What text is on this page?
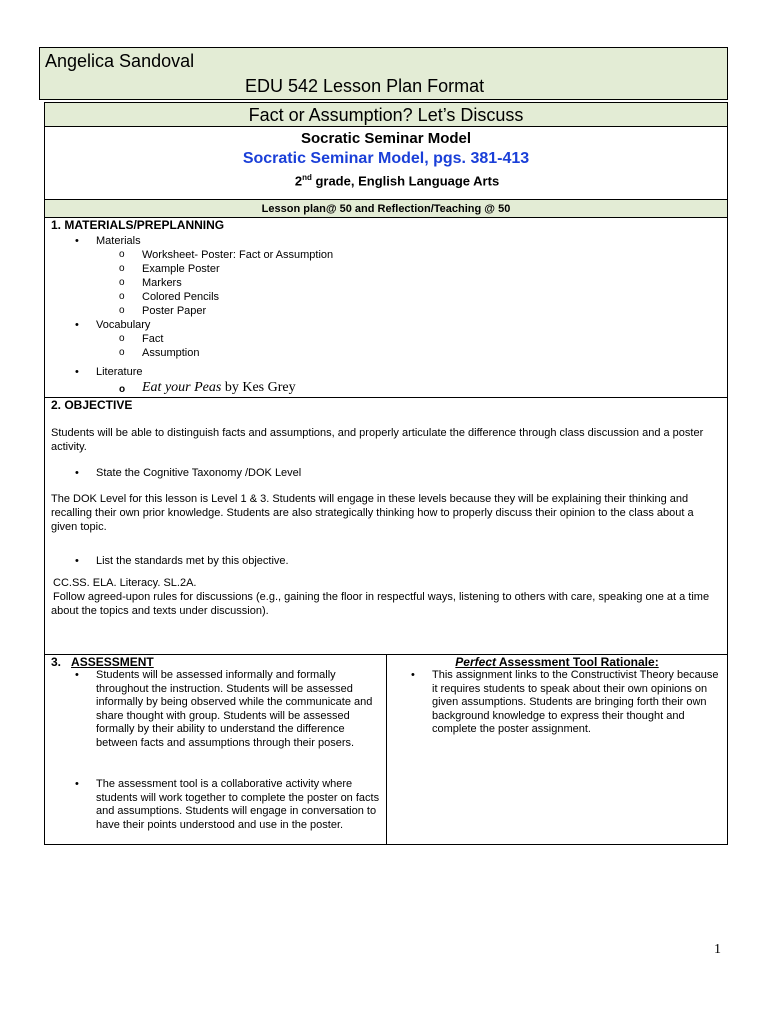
Angelica Sandoval
EDU 542 Lesson Plan Format
Fact or Assumption? Let’s Discuss
Socratic Seminar Model
Socratic Seminar Model, pgs. 381-413
2nd grade, English Language Arts
Lesson plan@ 50 and Reflection/Teaching @ 50
1. MATERIALS/PREPLANNING
• Materials
o Worksheet- Poster: Fact or Assumption
o Example Poster
o Markers
o Colored Pencils
o Poster Paper
• Vocabulary
o Fact
o Assumption
• Literature
o Eat your Peas by Kes Grey
2. OBJECTIVE
Students will be able to distinguish facts and assumptions, and properly articulate the difference through class discussion and a poster activity.
• State the Cognitive Taxonomy /DOK Level
The DOK Level for this lesson is Level 1 & 3. Students will engage in these levels because they will be explaining their thinking and recalling their own prior knowledge. Students are also strategically thinking how to properly discuss their opinion to the class about a given topic.
• List the standards met by this objective.
CC.SS. ELA. Literacy. SL.2A.
Follow agreed-upon rules for discussions (e.g., gaining the floor in respectful ways, listening to others with care, speaking one at a time about the topics and texts under discussion).
3. ASSESSMENT
•	Students will be assessed informally and formally throughout the instruction. Students will be assessed informally by being observed while the communicate and share thought with group. Students will be assessed formally by their ability to understand the difference between facts and assumptions through their posers.
•	The assessment tool is a collaborative activity where students will work together to complete the poster on facts and assumptions. Students will engage in conversation to have their points understood and use in the poster.
Perfect Assessment Tool Rationale:
•	This assignment links to the Constructivist Theory because it requires students to speak about their own opinions on given assumptions. Students are bringing forth their own background knowledge to express their thought and complete the poster assignment.
1
